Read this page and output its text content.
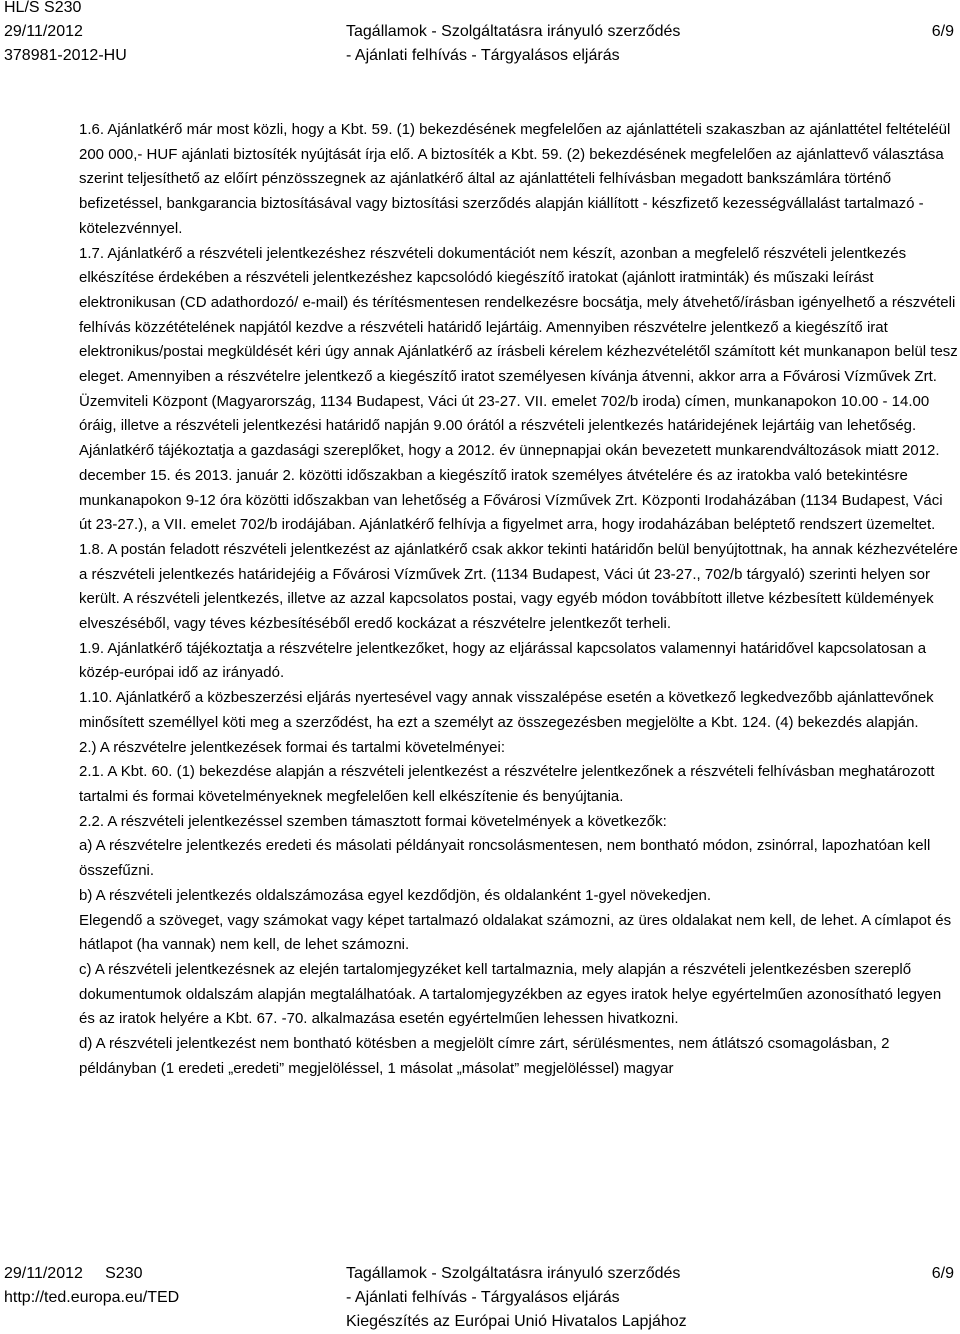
HL/S S230
29/11/2012
378981-2012-HU
Tagállamok - Szolgáltatásra irányuló szerződés
- Ajánlati felhívás - Tárgyalásos eljárás
6/9

1.6. Ajánlatkérő már most közli, hogy a Kbt. 59. (1) bekezdésének megfelelően az ajánlattételi szakaszban az ajánlattétel feltételéül 200 000,- HUF ajánlati biztosíték nyújtását írja elő. A biztosíték a Kbt. 59. (2) bekezdésének megfelelően az ajánlattevő választása szerint teljesíthető az előírt pénzösszegnek az ajánlatkérő által az ajánlattételi felhívásban megadott bankszámlára történő befizetéssel, bankgarancia biztosításával vagy biztosítási szerződés alapján kiállított - készfizető kezességvállalást tartalmazó - kötelezvénnyel.

1.7. Ajánlatkérő a részvételi jelentkezéshez részvételi dokumentációt nem készít, azonban a megfelelő részvételi jelentkezés elkészítése érdekében a részvételi jelentkezéshez kapcsolódó kiegészítő iratokat (ajánlott iratminták) és műszaki leírást elektronikusan (CD adathordozó/ e-mail) és térítésmentesen rendelkezésre bocsátja, mely átvehető/írásban igényelhető a részvételi felhívás közzétételének napjától kezdve a részvételi határidő lejártáig. Amennyiben részvételre jelentkező a kiegészítő irat elektronikus/postai megküldését kéri úgy annak Ajánlatkérő az írásbeli kérelem kézhezvételétől számított két munkanapon belül tesz eleget. Amennyiben a részvételre jelentkező a kiegészítő iratot személyesen kívánja átvenni, akkor arra a Fővárosi Vízművek Zrt. Üzemviteli Központ (Magyarország, 1134 Budapest, Váci út 23-27. VII. emelet 702/b iroda) címen, munkanapokon 10.00 - 14.00 óráig, illetve a részvételi jelentkezési határidő napján 9.00 órától a részvételi jelentkezés határidejének lejártáig van lehetőség.

Ajánlatkérő tájékoztatja a gazdasági szereplőket, hogy a 2012. év ünnepnapjai okán bevezetett munkarendváltozások miatt 2012. december 15. és 2013. január 2. közötti időszakban a kiegészítő iratok személyes átvételére és az iratokba való betekintésre munkanapokon 9-12 óra közötti időszakban van lehetőség a Fővárosi Vízművek Zrt. Központi Irodaházában (1134 Budapest, Váci út 23-27.), a VII. emelet 702/b irodájában. Ajánlatkérő felhívja a figyelmet arra, hogy irodaházában beléptető rendszert üzemeltet.

1.8. A postán feladott részvételi jelentkezést az ajánlatkérő csak akkor tekinti határidőn belül benyújtottnak, ha annak kézhezvételére a részvételi jelentkezés határidejéig a Fővárosi Vízművek Zrt. (1134 Budapest, Váci út 23-27., 702/b tárgyaló) szerinti helyen sor került. A részvételi jelentkezés, illetve az azzal kapcsolatos postai, vagy egyéb módon továbbított illetve kézbesített küldemények elveszéséből, vagy téves kézbesítéséből eredő kockázat a részvételre jelentkezőt terheli.

1.9. Ajánlatkérő tájékoztatja a részvételre jelentkezőket, hogy az eljárással kapcsolatos valamennyi határidővel kapcsolatosan a közép-európai idő az irányadó.

1.10. Ajánlatkérő a közbeszerzési eljárás nyertesével vagy annak visszalépése esetén a következő legkedvezőbb ajánlattevőnek minősített személlyel köti meg a szerződést, ha ezt a személyt az összegezésben megjelölte a Kbt. 124. (4) bekezdés alapján.

2.) A részvételre jelentkezések formai és tartalmi követelményei:

2.1. A Kbt. 60. (1) bekezdése alapján a részvételi jelentkezést a részvételre jelentkezőnek a részvételi felhívásban meghatározott tartalmi és formai követelményeknek megfelelően kell elkészítenie és benyújtania.

2.2. A részvételi jelentkezéssel szemben támasztott formai követelmények a következők:

a) A részvételre jelentkezés eredeti és másolati példányait roncsolásmentesen, nem bontható módon, zsinórral, lapozhatóan kell összefűzni.

b) A részvételi jelentkezés oldalszámozása egyel kezdődjön, és oldalanként 1-gyel növekedjen.

Elegendő a szöveget, vagy számokat vagy képet tartalmazó oldalakat számozni, az üres oldalakat nem kell, de lehet. A címlapot és hátlapot (ha vannak) nem kell, de lehet számozni.

c) A részvételi jelentkezésnek az elején tartalomjegyzéket kell tartalmaznia, mely alapján a részvételi jelentkezésben szereplő dokumentumok oldalszám alapján megtalálhatóak. A tartalomjegyzékben az egyes iratok helye egyértelműen azonosítható legyen és az iratok helyére a Kbt. 67. -70. alkalmazása esetén egyértelműen lehessen hivatkozni.

d) A részvételi jelentkezést nem bontható kötésben a megjelölt címre zárt, sérülésmentes, nem átlátszó csomagolásban, 2 példányban (1 eredeti „eredeti” megjelöléssel, 1 másolat „másolat” megjelöléssel) magyar

29/11/2012 S230
http://ted.europa.eu/TED
Tagállamok - Szolgáltatásra irányuló szerződés
- Ajánlati felhívás - Tárgyalásos eljárás
Kiegészítés az Európai Unió Hivatalos Lapjához
6/9
